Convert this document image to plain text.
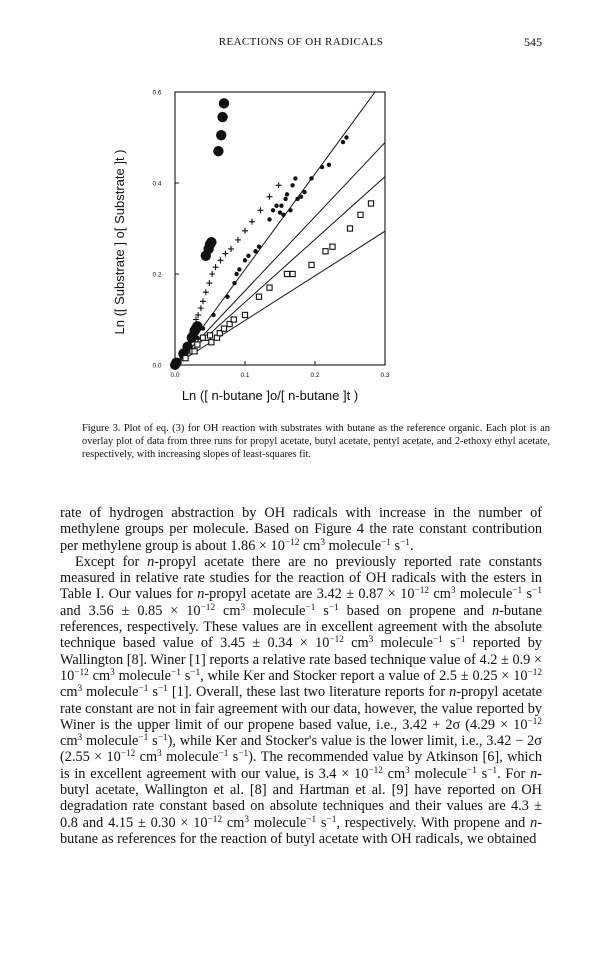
REACTIONS OF OH RADICALS	545
0.0	0.1	0.2	0.3
0.0
0.2
0.4
0.6
Ln ([ n-butane ]o/[ n-butane ]t )
Ln ([ Substrate ] o[ Substrate ]t )
Figure 3. Plot of eq. (3) for OH reaction with substrates with butane as the reference organic. Each plot is an overlay plot of data from three runs for propyl acetate, butyl acetate, pentyl acetate, and 2-ethoxy ethyl acetate, respectively, with increasing slopes of least-squares fit.

rate of hydrogen abstraction by OH radicals with increase in the number of methylene groups per molecule. Based on Figure 4 the rate constant contribution per methylene group is about $1.86 \times 10^{-12}$ $cm^3$ molecule$^{-1}$ $s^{-1}$.

Except for n-propyl acetate there are no previously reported rate constants measured in relative rate studies for the reaction of OH radicals with the esters in Table I. Our values for n-propyl acetate are $3.42 \pm 0.87 \times 10^{-12}$ $cm^3$ molecule$^{-1}$ $s^{-1}$ and $3.56 \pm 0.85 \times 10^{-12}$ $cm^3$ molecule$^{-1}$ $s^{-1}$ based on propene and n-butane references, respectively. These values are in excellent agreement with the absolute technique based value of $3.45 \pm 0.34 \times 10^{-12}$ $cm^3$ molecule$^{-1}$ $s^{-1}$ reported by Wallington [8]. Winer [1] reports a relative rate based technique value of $4.2 \pm 0.9 \times 10^{-12}$ $cm^3$ molecule$^{-1}$ $s^{-1}$, while Ker and Stocker report a value of $2.5 \pm 0.25 \times 10^{-12}$ $cm^3$ molecule$^{-1}$ $s^{-1}$ [1]. Overall, these last two literature reports for n-propyl acetate rate constant are not in fair agreement with our data, however, the value reported by Winer is the upper limit of our propene based value, i.e., 3.42 + 2σ ($4.29 \times 10^{-12}$ $cm^3$ molecule$^{-1}$ $s^{-1}$), while Ker and Stocker's value is the lower limit, i.e., 3.42 − 2σ ($2.55 \times 10^{-12}$ $cm^3$ molecule$^{-1}$ $s^{-1}$). The recommended value by Atkinson [6], which is in excellent agreement with our value, is $3.4 \times 10^{-12}$ $cm^3$ molecule$^{-1}$ $s^{-1}$. For n-butyl acetate, Wallington et al. [8] and Hartman et al. [9] have reported on OH degradation rate constant based on absolute techniques and their values are 4.3 ± 0.8 and $4.15 \pm 0.30 \times 10^{-12}$ $cm^3$ molecule$^{-1}$ $s^{-1}$, respectively. With propene and n-butane as references for the reaction of butyl acetate with OH radicals, we obtained
